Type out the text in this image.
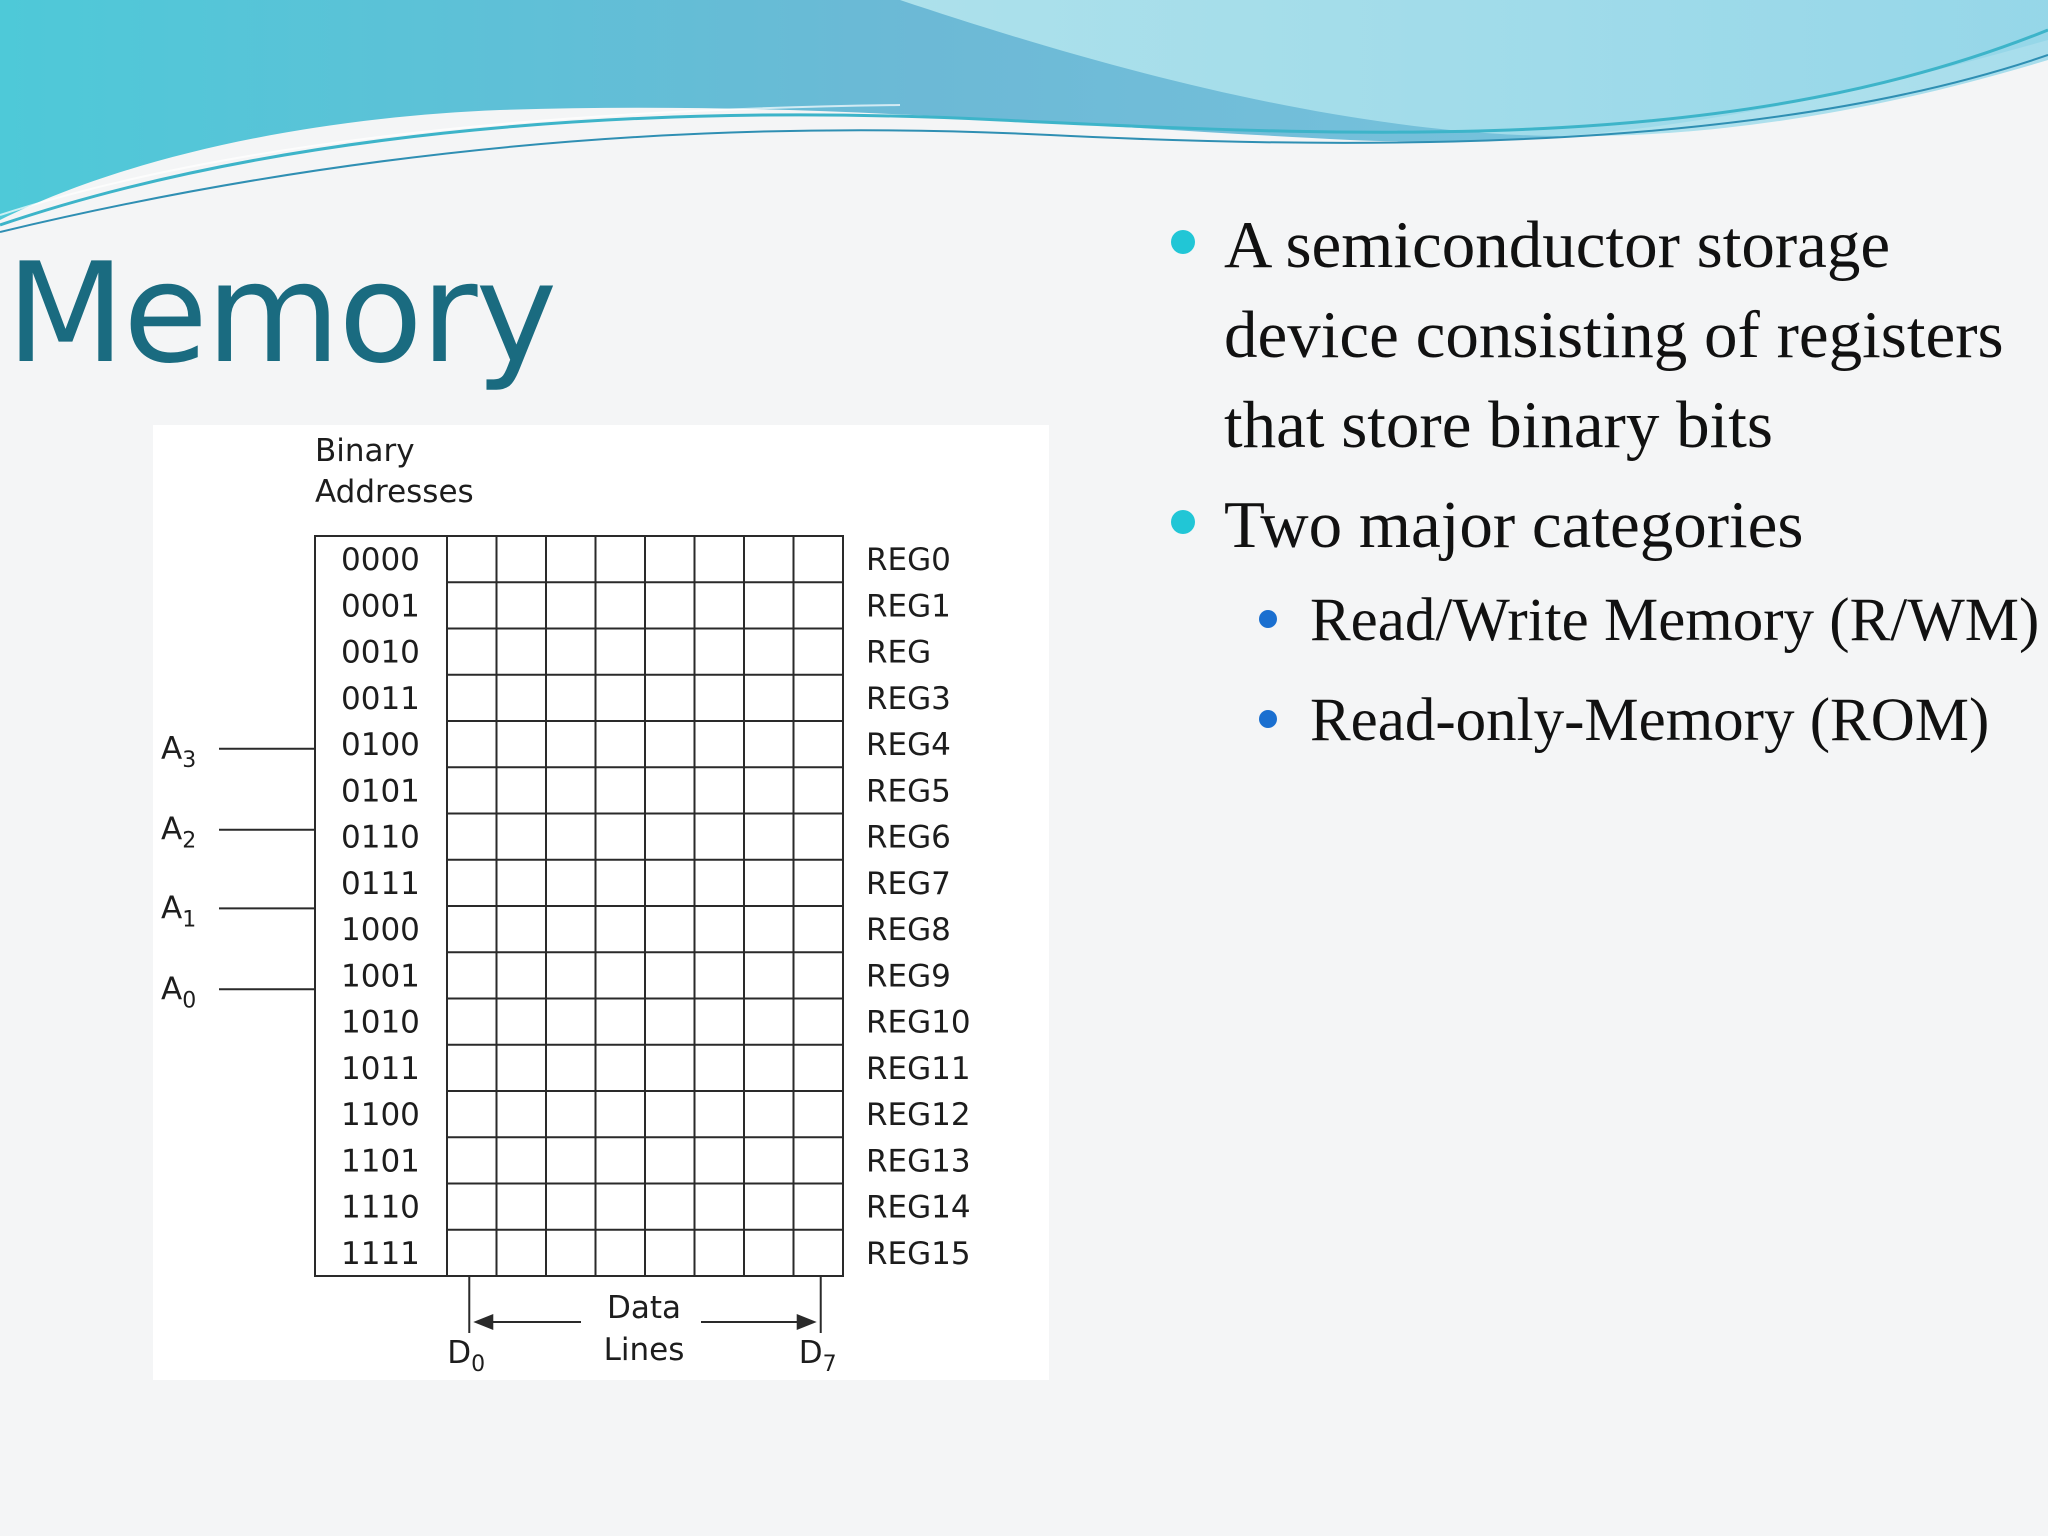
Memory
Binary
Addresses
0000
0001
0010
0011
0100
0101
0110
0111
1000
1001
1010
1011
1100
1101
1110
1111
REG0
REG1
REG
REG3
REG4
REG5
REG6
REG7
REG8
REG9
REG10
REG11
REG12
REG13
REG14
REG15
$A_3$
$A_2$
$A_1$
$A_0$
Data
Lines
$D_0$	$D_7$
A semiconductor storage device consisting of registers that store binary bits
Two major categories
Read/Write Memory (R/WM)
Read-only-Memory (ROM)
